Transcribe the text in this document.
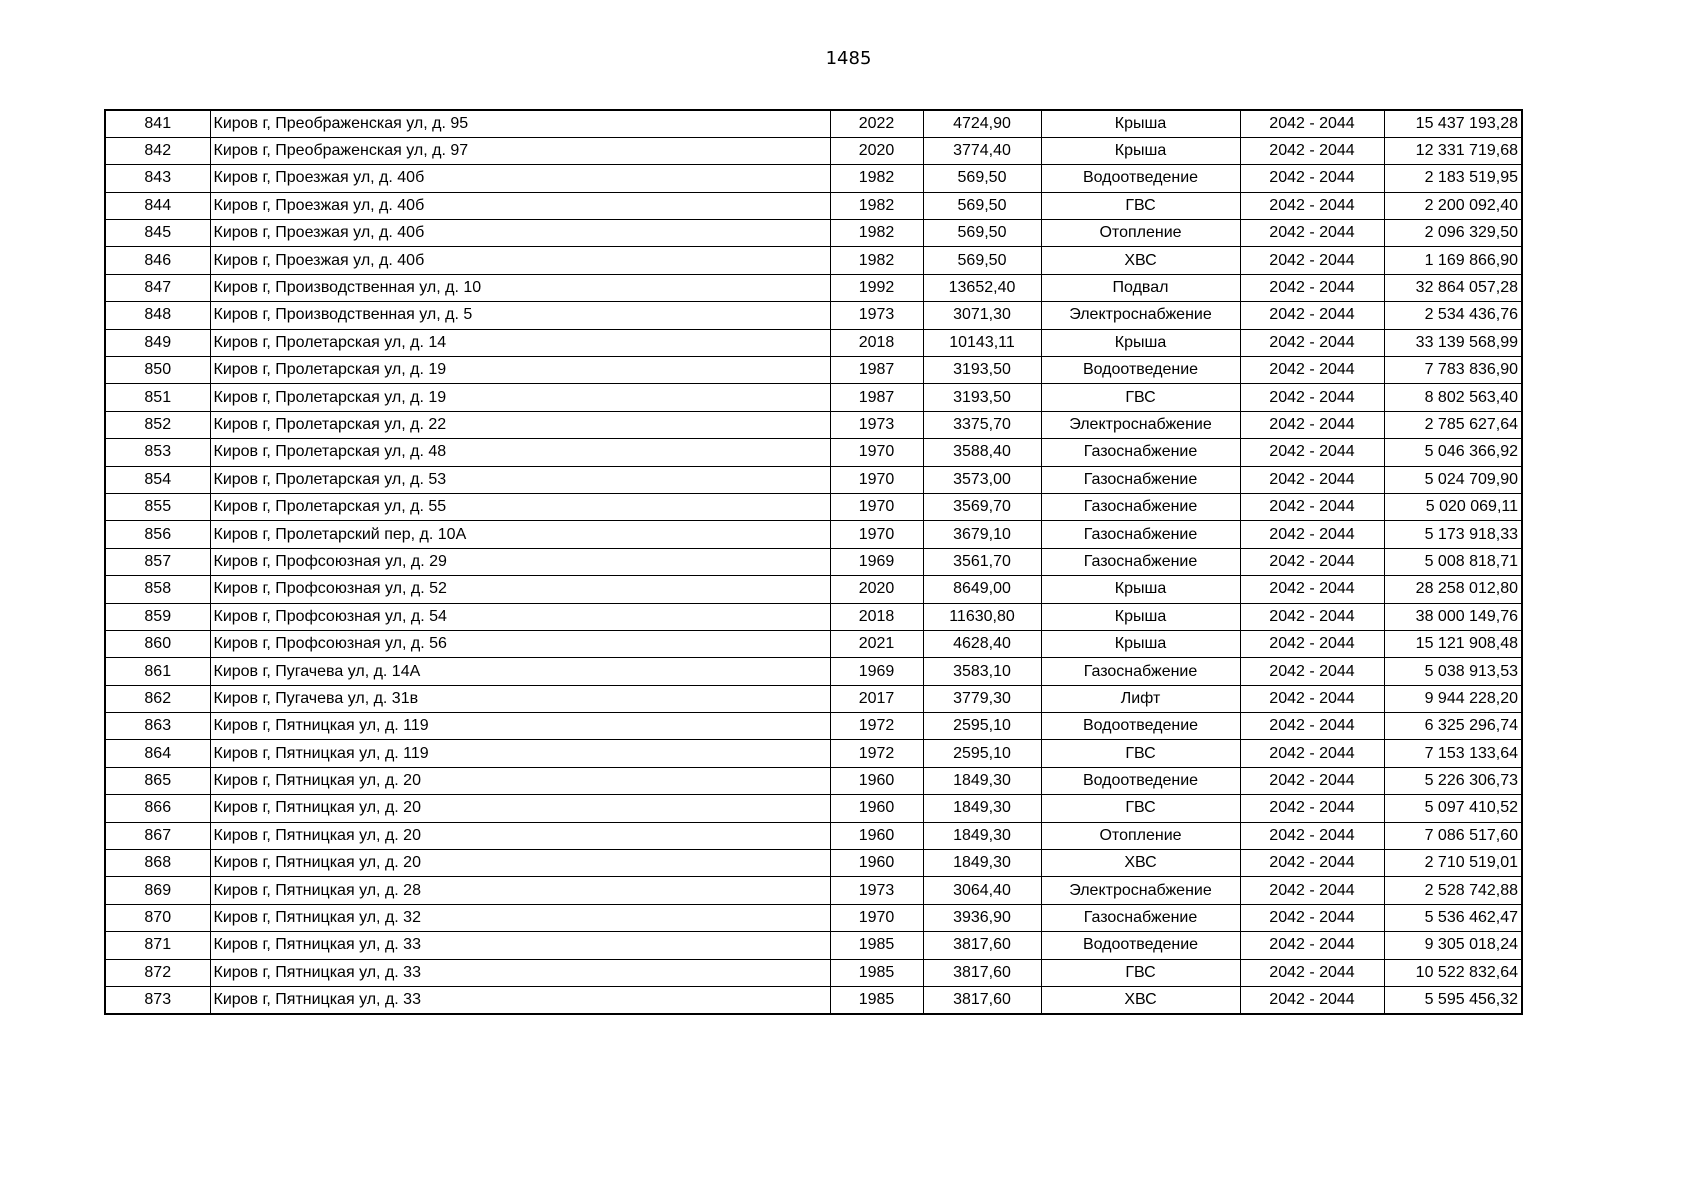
1485
841	Киров г, Преображенская ул, д. 95	2022	4724,90	Крыша	2042 - 2044	15 437 193,28
842	Киров г, Преображенская ул, д. 97	2020	3774,40	Крыша	2042 - 2044	12 331 719,68
843	Киров г, Проезжая ул, д. 40б	1982	569,50	Водоотведение	2042 - 2044	2 183 519,95
844	Киров г, Проезжая ул, д. 40б	1982	569,50	ГВС	2042 - 2044	2 200 092,40
845	Киров г, Проезжая ул, д. 40б	1982	569,50	Отопление	2042 - 2044	2 096 329,50
846	Киров г, Проезжая ул, д. 40б	1982	569,50	ХВС	2042 - 2044	1 169 866,90
847	Киров г, Производственная ул, д. 10	1992	13652,40	Подвал	2042 - 2044	32 864 057,28
848	Киров г, Производственная ул, д. 5	1973	3071,30	Электроснабжение	2042 - 2044	2 534 436,76
849	Киров г, Пролетарская ул, д. 14	2018	10143,11	Крыша	2042 - 2044	33 139 568,99
850	Киров г, Пролетарская ул, д. 19	1987	3193,50	Водоотведение	2042 - 2044	7 783 836,90
851	Киров г, Пролетарская ул, д. 19	1987	3193,50	ГВС	2042 - 2044	8 802 563,40
852	Киров г, Пролетарская ул, д. 22	1973	3375,70	Электроснабжение	2042 - 2044	2 785 627,64
853	Киров г, Пролетарская ул, д. 48	1970	3588,40	Газоснабжение	2042 - 2044	5 046 366,92
854	Киров г, Пролетарская ул, д. 53	1970	3573,00	Газоснабжение	2042 - 2044	5 024 709,90
855	Киров г, Пролетарская ул, д. 55	1970	3569,70	Газоснабжение	2042 - 2044	5 020 069,11
856	Киров г, Пролетарский пер, д. 10А	1970	3679,10	Газоснабжение	2042 - 2044	5 173 918,33
857	Киров г, Профсоюзная ул, д. 29	1969	3561,70	Газоснабжение	2042 - 2044	5 008 818,71
858	Киров г, Профсоюзная ул, д. 52	2020	8649,00	Крыша	2042 - 2044	28 258 012,80
859	Киров г, Профсоюзная ул, д. 54	2018	11630,80	Крыша	2042 - 2044	38 000 149,76
860	Киров г, Профсоюзная ул, д. 56	2021	4628,40	Крыша	2042 - 2044	15 121 908,48
861	Киров г, Пугачева ул, д. 14А	1969	3583,10	Газоснабжение	2042 - 2044	5 038 913,53
862	Киров г, Пугачева ул, д. 31в	2017	3779,30	Лифт	2042 - 2044	9 944 228,20
863	Киров г, Пятницкая ул, д. 119	1972	2595,10	Водоотведение	2042 - 2044	6 325 296,74
864	Киров г, Пятницкая ул, д. 119	1972	2595,10	ГВС	2042 - 2044	7 153 133,64
865	Киров г, Пятницкая ул, д. 20	1960	1849,30	Водоотведение	2042 - 2044	5 226 306,73
866	Киров г, Пятницкая ул, д. 20	1960	1849,30	ГВС	2042 - 2044	5 097 410,52
867	Киров г, Пятницкая ул, д. 20	1960	1849,30	Отопление	2042 - 2044	7 086 517,60
868	Киров г, Пятницкая ул, д. 20	1960	1849,30	ХВС	2042 - 2044	2 710 519,01
869	Киров г, Пятницкая ул, д. 28	1973	3064,40	Электроснабжение	2042 - 2044	2 528 742,88
870	Киров г, Пятницкая ул, д. 32	1970	3936,90	Газоснабжение	2042 - 2044	5 536 462,47
871	Киров г, Пятницкая ул, д. 33	1985	3817,60	Водоотведение	2042 - 2044	9 305 018,24
872	Киров г, Пятницкая ул, д. 33	1985	3817,60	ГВС	2042 - 2044	10 522 832,64
873	Киров г, Пятницкая ул, д. 33	1985	3817,60	ХВС	2042 - 2044	5 595 456,32
